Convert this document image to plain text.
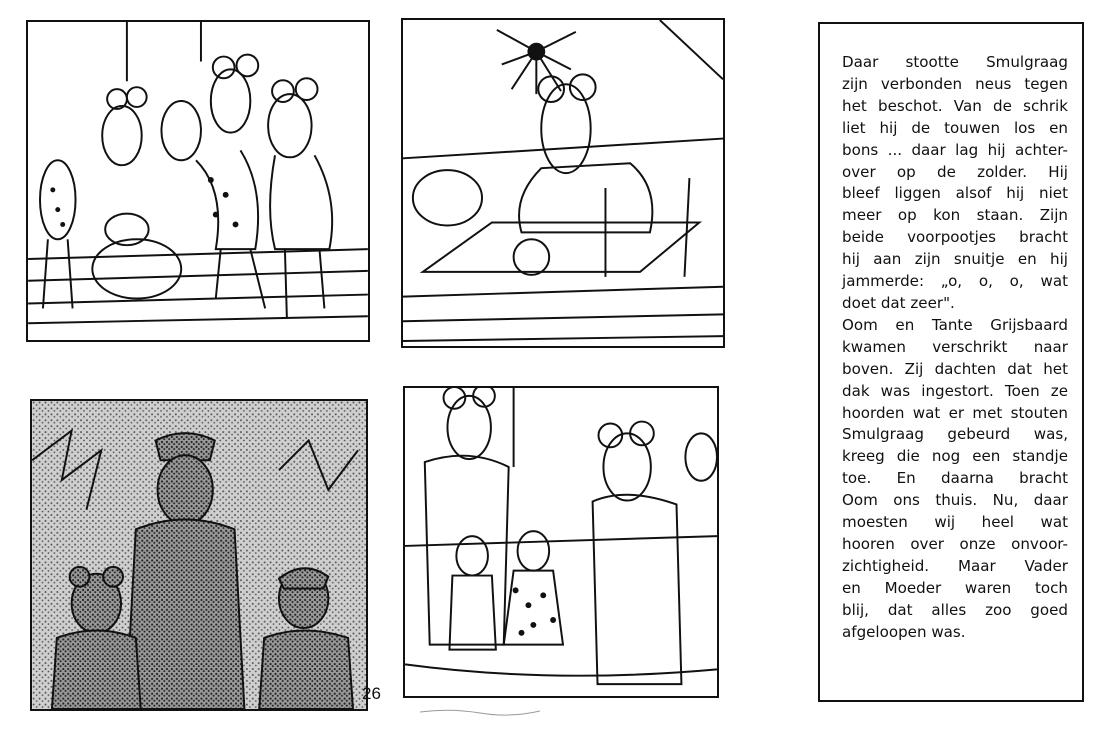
26
Daar stootte Smulgraag
zijn verbonden neus tegen
het beschot. Van de schrik
liet hij de touwen los en
bons ... daar lag hij achter-
over op de zolder. Hij
bleef liggen alsof hij niet
meer op kon staan. Zijn
beide voorpootjes bracht
hij aan zijn snuitje en hij
jammerde: „o, o, o, wat
doet dat zeer".
Oom en Tante Grijsbaard
kwamen verschrikt naar
boven. Zij dachten dat het
dak was ingestort. Toen ze
hoorden wat er met stouten
Smulgraag gebeurd was,
kreeg die nog een standje
toe. En daarna bracht
Oom ons thuis. Nu, daar
moesten wij heel wat
hooren over onze onvoor-
zichtigheid. Maar Vader
en Moeder waren toch
blij, dat alles zoo goed
afgeloopen was.
